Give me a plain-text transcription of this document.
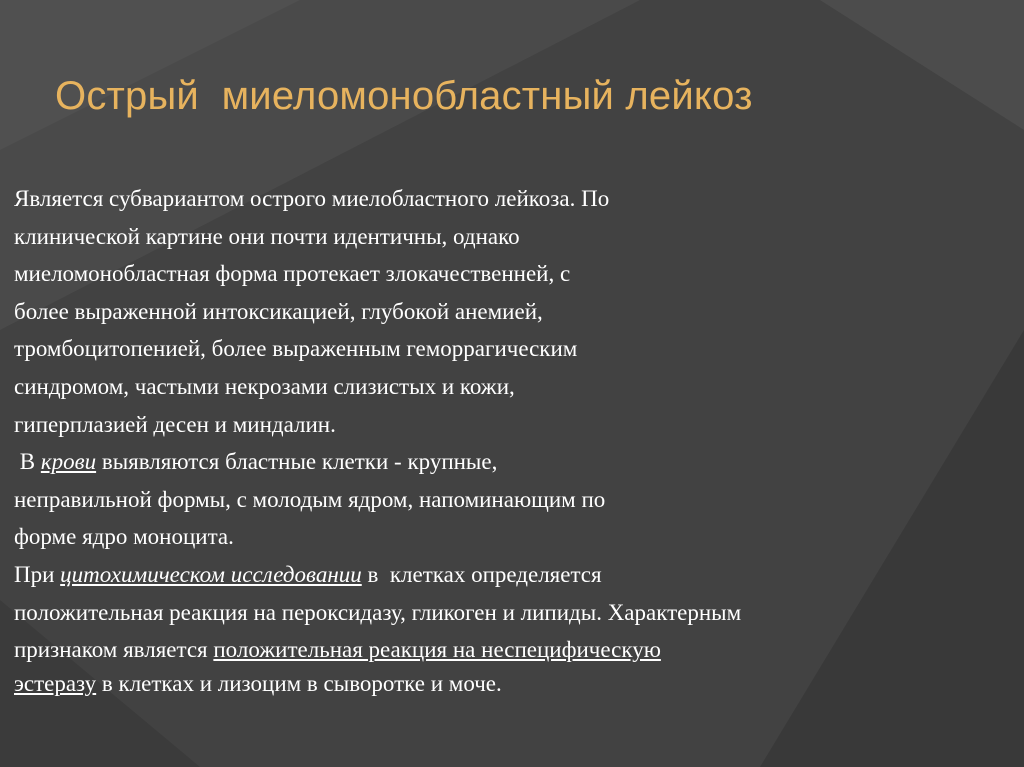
Острый  миеломонобластный лейкоз
Является субвариантом острого миелобластного лейкоза. По
клинической картине они почти идентичны, однако
миеломонобластная форма протекает злокачественней, с
более выраженной интоксикацией, глубокой анемией,
тромбоцитопенией, более выраженным геморрагическим
синдромом, частыми некрозами слизистых и кожи,
гиперплазией десен и миндалин.
В крови выявляются бластные клетки - крупные,
неправильной формы, с молодым ядром, напоминающим по
форме ядро моноцита.
При цитохимическом исследовании в  клетках определяется
положительная реакция на пероксидазу, гликоген и липиды. Характерным
признаком является положительная реакция на неспецифическую
эстеразу в клетках и лизоцим в сыворотке и моче.
